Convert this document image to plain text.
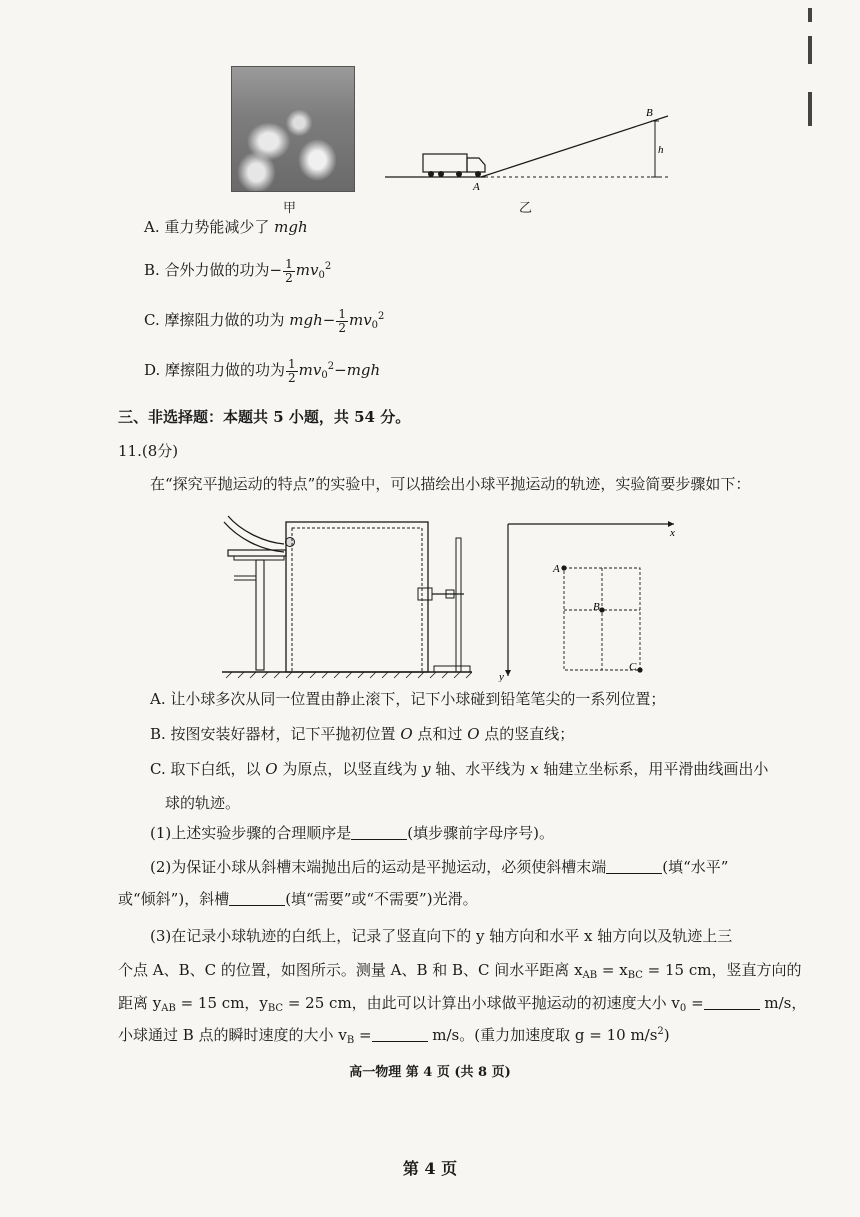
甲
A
B
h
乙
A. 重力势能减少了 mgh
B. 合外力做的功为− $\frac{1}{2} mv_0^2$
C. 摩擦阻力做的功为 $mgh- \frac{1}{2} mv_0^2$
D. 摩擦阻力做的功为 $\frac{1}{2} mv_0^2-mgh$
三、非选择题：本题共 5 小题，共 54 分。
11.(8分)
在“探究平抛运动的特点”的实验中，可以描绘出小球平抛运动的轨迹，实验简要步骤如下：
x
y
A
B
C
A. 让小球多次从同一位置由静止滚下，记下小球碰到铅笔笔尖的一系列位置；
B. 按图安装好器材，记下平抛初位置 O 点和过 O 点的竖直线；
C. 取下白纸，以 O 为原点，以竖直线为 y 轴、水平线为 x 轴建立坐标系，用平滑曲线画出小
球的轨迹。
(1)上述实验步骤的合理顺序是	(填步骤前字母序号)。
(2)为保证小球从斜槽末端抛出后的运动是平抛运动，必须使斜槽末端	(填“水平”
或“倾斜”)，斜槽	(填“需要”或“不需要”)光滑。
(3)在记录小球轨迹的白纸上，记录了竖直向下的 y 轴方向和水平 x 轴方向以及轨迹上三
个点 A、B、C 的位置，如图所示。测量 A、B 和 B、C 间水平距离 $x_{AB} = x_{BC} = 15$ cm，竖直方向的
距离 $y_{AB} = 15$ cm，$y_{BC} = 25$ cm，由此可以计算出小球做平抛运动的初速度大小 $v_0$ =	m/s，
小球通过 B 点的瞬时速度的大小 $v_B$ =	m/s。(重力加速度取 g = 10 $m/s^2$)
高一物理 第 4 页 (共 8 页)
第 4 页
